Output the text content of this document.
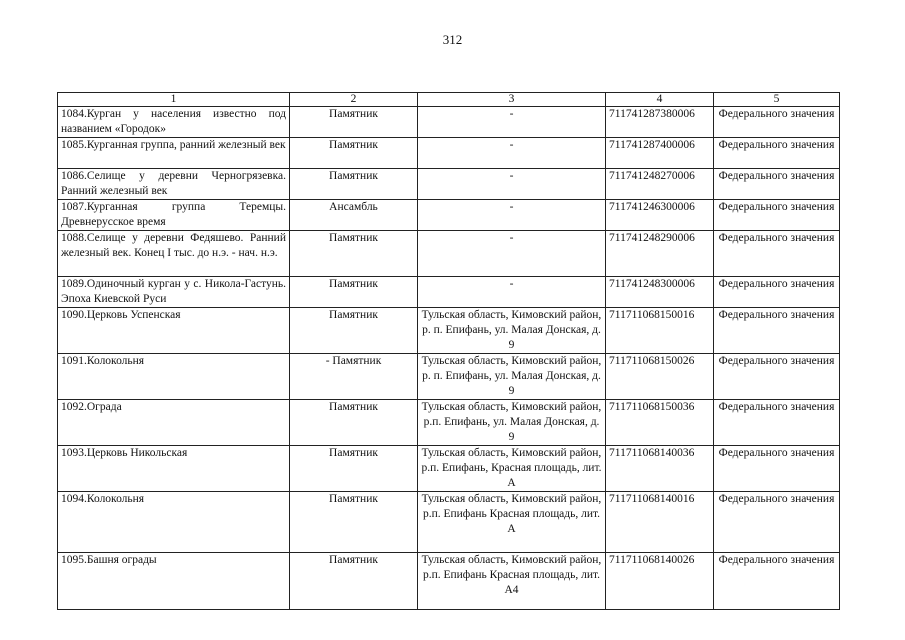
312
1	2	3	4	5
1084.Курган у населения известно под названием «Городок»	Памятник	-	711741287380006	Федерального значения
1085.Курганная группа, ранний железный век	Памятник	-	711741287400006	Федерального значения
1086.Селище у деревни Черногрязевка. Ранний железный век	Памятник	-	711741248270006	Федерального значения
1087.Курганная группа Теремцы. Древнерусское время	Ансамбль	-	711741246300006	Федерального значения
1088.Селище у деревни Федяшево. Ранний железный век. Конец I тыс. до н.э. - нач. н.э.	Памятник	-	711741248290006	Федерального значения
1089.Одиночный курган у с. Никола-Гастунь. Эпоха Киевской Руси	Памятник	-	711741248300006	Федерального значения
1090.Церковь Успенская	Памятник	Тульская область, Кимовский район, р. п. Епифань, ул. Малая Донская, д. 9	711711068150016	Федерального значения
1091.Колокольня	- Памятник	Тульская область, Кимовский район, р. п. Епифань, ул. Малая Донская, д. 9	711711068150026	Федерального значения
1092.Ограда	Памятник	Тульская область, Кимовский район, р.п. Епифань, ул. Малая Донская, д. 9	711711068150036	Федерального значения
1093.Церковь Никольская	Памятник	Тульская область, Кимовский район, р.п. Епифань, Красная площадь, лит. А	711711068140036	Федерального значения
1094.Колокольня	Памятник	Тульская область, Кимовский район, р.п. Епифань Красная площадь, лит. А	711711068140016	Федерального значения
1095.Башня ограды	Памятник	Тульская область, Кимовский район, р.п. Епифань Красная площадь, лит. А4	711711068140026	Федерального значения
